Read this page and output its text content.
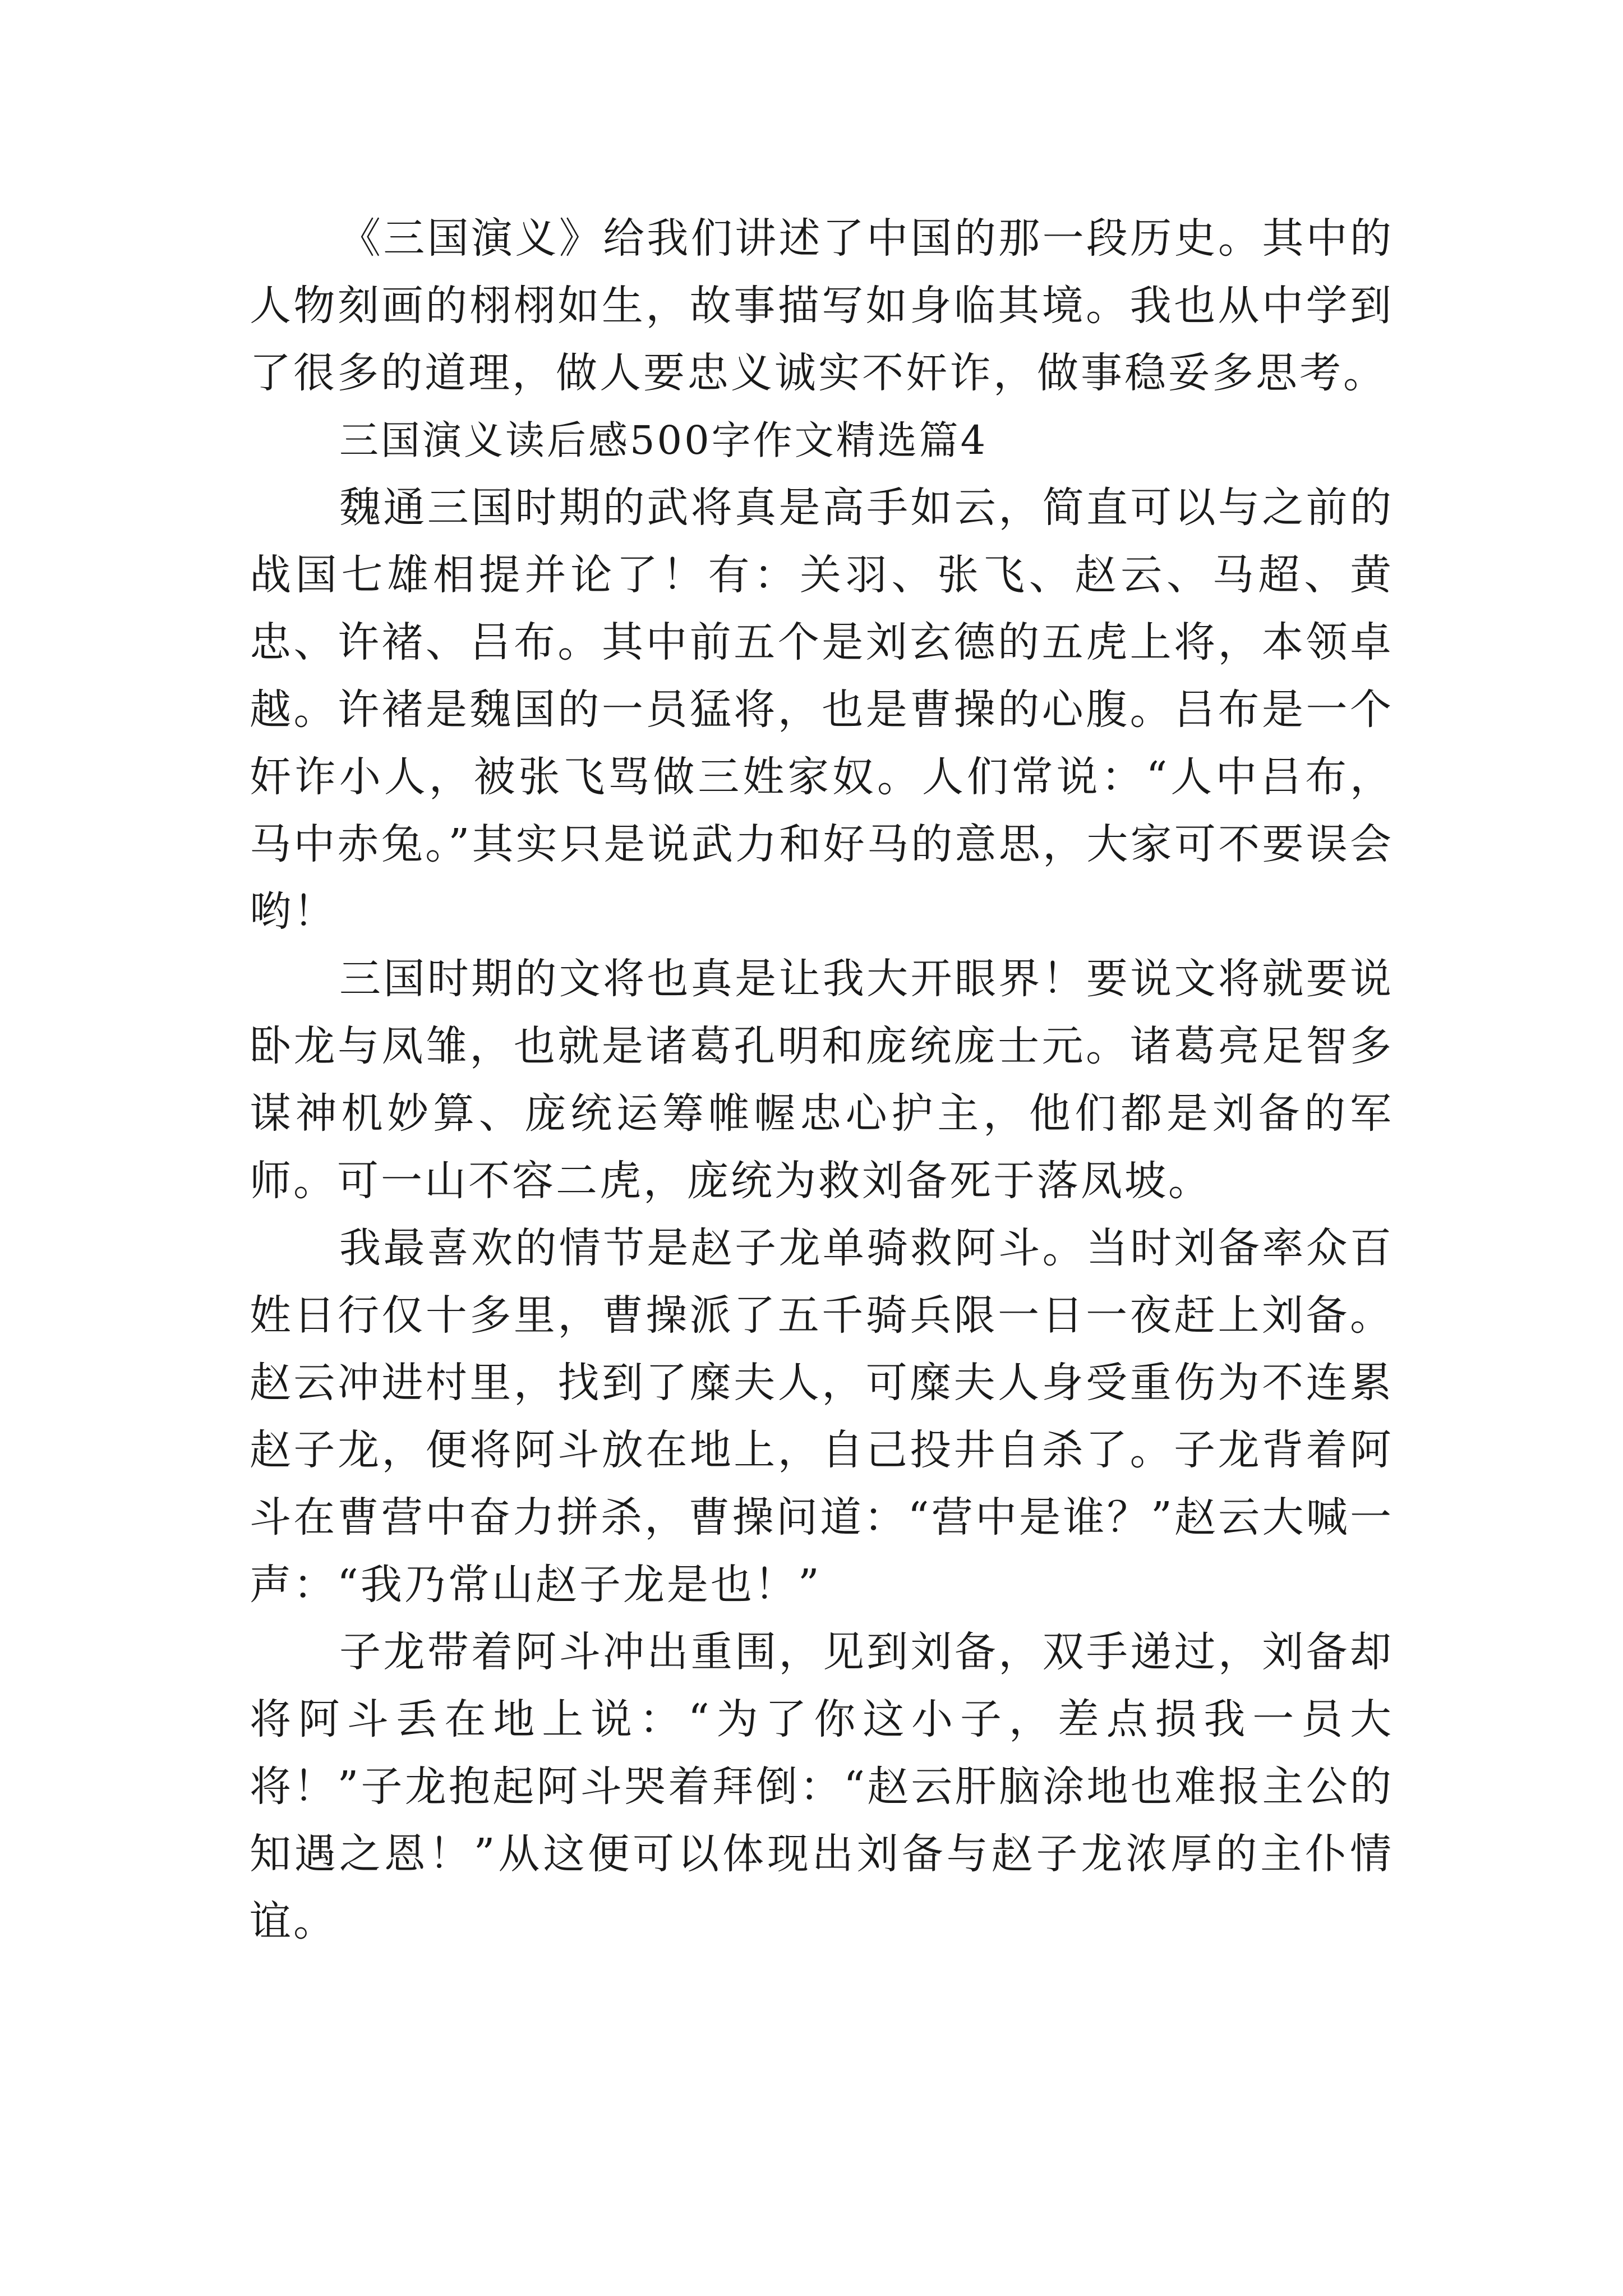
《三国演义》给我们讲述了中国的那一段历史。其中的人物刻画的栩栩如生，故事描写如身临其境。我也从中学到了很多的道理，做人要忠义诚实不奸诈，做事稳妥多思考。

三国演义读后感500字作文精选篇4

魏通三国时期的武将真是高手如云，简直可以与之前的战国七雄相提并论了！有：关羽、张飞、赵云、马超、黄忠、许褚、吕布。其中前五个是刘玄德的五虎上将，本领卓越。许褚是魏国的一员猛将，也是曹操的心腹。吕布是一个奸诈小人，被张飞骂做三姓家奴。人们常说：“人中吕布，马中赤兔。”其实只是说武力和好马的意思，大家可不要误会哟！

三国时期的文将也真是让我大开眼界！要说文将就要说卧龙与凤雏，也就是诸葛孔明和庞统庞士元。诸葛亮足智多谋神机妙算、庞统运筹帷幄忠心护主，他们都是刘备的军师。可一山不容二虎，庞统为救刘备死于落凤坡。

我最喜欢的情节是赵子龙单骑救阿斗。当时刘备率众百姓日行仅十多里，曹操派了五千骑兵限一日一夜赶上刘备。赵云冲进村里，找到了糜夫人，可糜夫人身受重伤为不连累赵子龙，便将阿斗放在地上，自己投井自杀了。子龙背着阿斗在曹营中奋力拼杀，曹操问道：“营中是谁？”赵云大喊一声：“我乃常山赵子龙是也！”

子龙带着阿斗冲出重围，见到刘备，双手递过，刘备却将阿斗丢在地上说：“为了你这小子，差点损我一员大将！”子龙抱起阿斗哭着拜倒：“赵云肝脑涂地也难报主公的知遇之恩！”从这便可以体现出刘备与赵子龙浓厚的主仆情谊。
